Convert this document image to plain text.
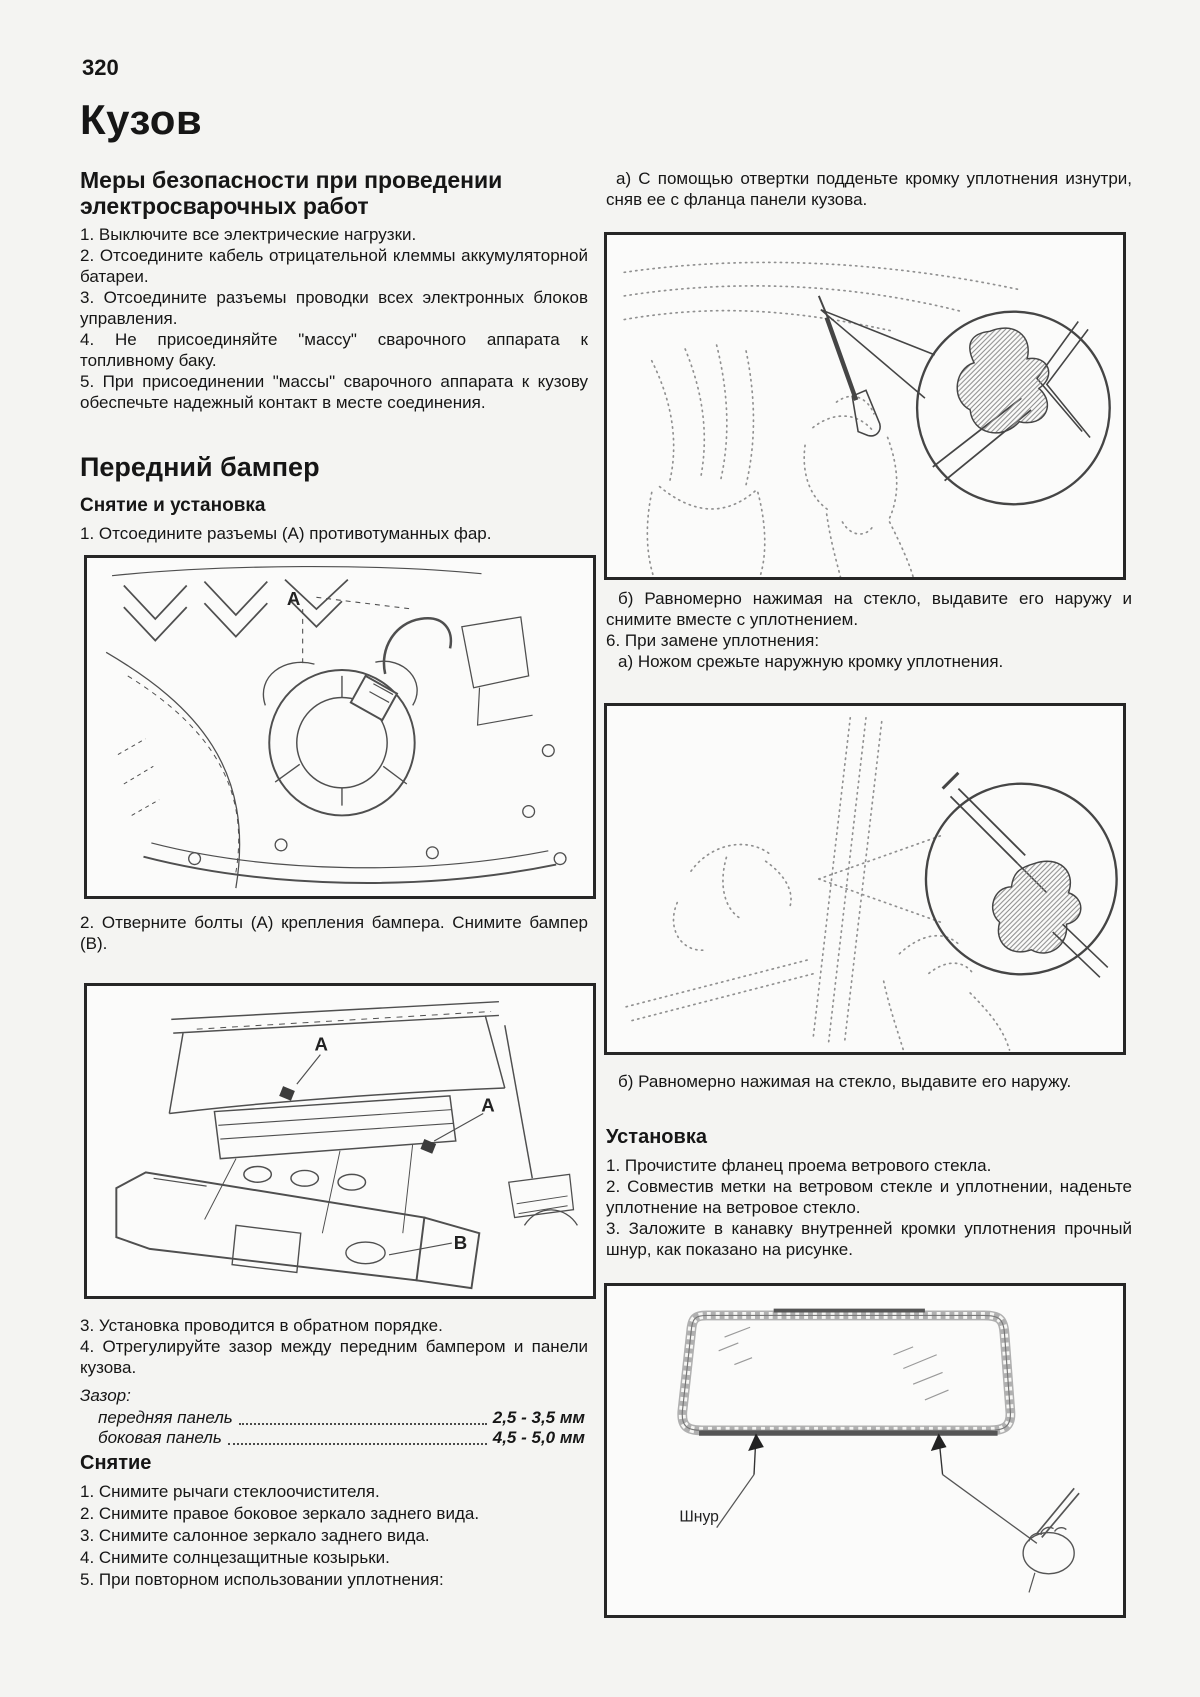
320
Кузов
Меры безопасности при проведении электросварочных работ

1. Выключите все электрические нагрузки.

2. Отсоедините кабель отрицательной клеммы аккумуляторной батареи.

3. Отсоедините разъемы проводки всех электронных блоков управления.

4. Не присоединяйте "массу" сварочного аппарата к топливному баку.

5. При присоединении "массы" сварочного аппарата к кузову обеспечьте надежный контакт в месте соединения.

Передний бампер
Снятие и установка
1. Отсоедините разъемы (А) противотуманных фар.
A
2. Отверните болты (А) крепления бампера. Снимите бампер (В).
A
A
B

3. Установка проводится в обратном порядке.

4. Отрегулируйте зазор между передним бампером и панели кузова.

Зазор:
передняя панель	2,5 - 3,5 мм
боковая панель	4,5 - 5,0 мм
Снятие

1. Снимите рычаги стеклоочистителя.

2. Снимите правое боковое зеркало заднего вида.

3. Снимите салонное зеркало заднего вида.

4. Снимите солнцезащитные козырьки.

5. При повторном использовании уплотнения:

а) С помощью отвертки подденьте кромку уплотнения изнутри, сняв ее с фланца панели кузова.

б) Равномерно нажимая на стекло, выдавите его наружу и снимите вместе с уплотнением.

6. При замене уплотнения:

а) Ножом срежьте наружную кромку уплотнения.

б) Равномерно нажимая на стекло, выдавите его наружу.

Установка

1. Прочистите фланец проема ветрового стекла.

2. Совместив метки на ветровом стекле и уплотнении, наденьте уплотнение на ветровое стекло.

3. Заложите в канавку внутренней кромки уплотнения прочный шнур, как показано на рисунке.

Шнур
